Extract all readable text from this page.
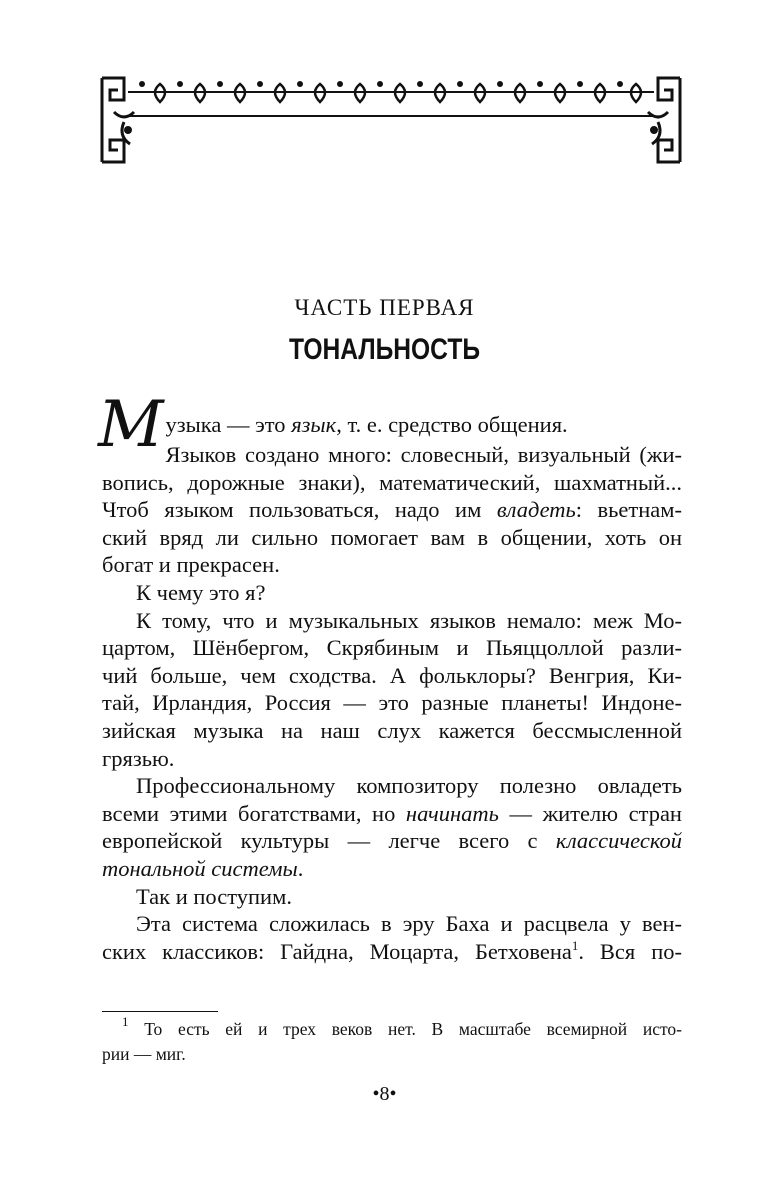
ЧАСТЬ ПЕРВАЯ
ТОНАЛЬНОСТЬ
Музыка — это язык, т. е. средство общения.
Языков создано много: словесный, визуальный (жи-
вопись, дорожные знаки), математический, шахматный...
Чтоб языком пользоваться, надо им владеть: вьетнам-
ский вряд ли сильно помогает вам в общении, хоть он
богат и прекрасен.
К чему это я?
К тому, что и музыкальных языков немало: меж Мо-
цартом, Шёнбергом, Скрябиным и Пьяццоллой разли-
чий больше, чем сходства. А фольклоры? Венгрия, Ки-
тай, Ирландия, Россия — это разные планеты! Индоне-
зийская музыка на наш слух кажется бессмысленной
грязью.
Профессиональному композитору полезно овладеть
всеми этими богатствами, но начинать — жителю стран
европейской культуры — легче всего с классической
тональной системы.
Так и поступим.
Эта система сложилась в эру Баха и расцвела у вен-
ских классиков: Гайдна, Моцарта, Бетховена$^1$. Вся по-
$^1$ То есть ей и трех веков нет. В масштабе всемирной исто-
рии — миг.
•8•
